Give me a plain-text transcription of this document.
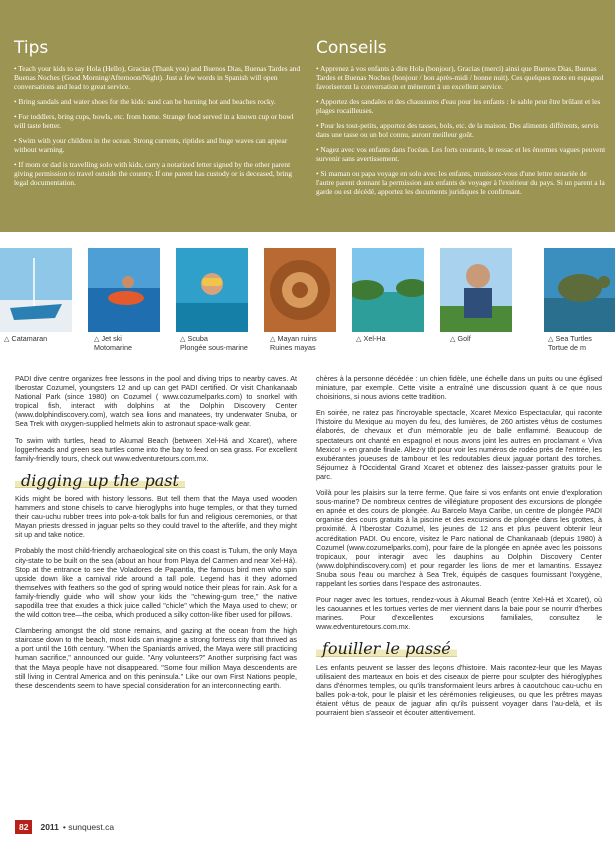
Tips

• Teach your kids to say Hola (Hello), Gracias (Thank you) and Buenos Dias, Buenas Tardes and Buenas Noches (Good Morning/Afternoon/Night). Just a few words in Spanish will open conversations and lead to great service.

• Bring sandals and water shoes for the kids: sand can be burning hot and beaches rocky.

• For toddlers, bring cups, bowls, etc. from home. Strange food served in a known cup or bowl will taste better.

• Swim with your children in the ocean. Strong currents, riptides and huge waves can appear without warning.

• If mom or dad is travelling solo with kids, carry a notarized letter signed by the other parent giving permission to travel outside the country. If one parent has custody or is deceased, bring legal documentation.

Conseils

• Apprenez à vos enfants à dire Hola (bonjour), Gracias (merci) ainsi que Buenos Dias, Buenas Tardes et Buenas Noches (bonjour / bon après-midi / bonne nuit). Ces quelques mots en espagnol favoriseront la conversation et mèneront à un excellent service.

• Apportez des sandales et des chaussures d'eau pour les enfants : le sable peut être brûlant et les plages rocailleuses.

• Pour les tout-petits, apportez des tasses, bols, etc. de la maison. Des aliments différents, servis dans une tasse ou un bol connu, auront meilleur goût.

• Nagez avec vos enfants dans l'océan. Les forts courants, le ressac et les énormes vagues peuvent survenir sans avertissement.

• Si maman ou papa voyage en solo avec les enfants, munissez-vous d'une lettre notariée de l'autre parent donnant la permission aux enfants de voyager à l'extérieur du pays. Si un parent a la garde ou est décédé, apportez les documents juridiques le confirmant.

△ Catamaran	△ Jet ski
Motomarine
△ Scuba
Plongée sous-marine
△ Mayan ruins
Ruines mayas
△ Xel-Ha	△ Golf	△ Sea Turtles
Tortue de m

PADI dive centre organizes free lessons in the pool and diving trips to nearby caves. At Iberostar Cozumel, youngsters 12 and up can get PADI certified. Or visit Chankanaab National Park (since 1980) on Cozumel ( www.cozumelparks.com) to snorkel with tropical fish, interact with dolphins at the Dolphin Discovery Center (www.dolphindiscovery.com), watch sea lions and manatees, try underwater Snuba, or Sea Trek with oxygen-supplied helmets akin to astronaut space-walk gear.

To swim with turtles, head to Akumal Beach (between Xel-Há and Xcaret), where loggerheads and green sea turtles come into the bay to feed on sea grass. For excellent family-friendly tours, check out www.edventuretours.com.mx.

digging up the past

Kids might be bored with history lessons. But tell them that the Maya used wooden hammers and stone chisels to carve hieroglyphs into huge temples, or that they turned their cau-uchu rubber trees into pok-a-tok balls for fun and religious ceremonies, or that Mayan priests dressed in jaguar pelts so they could travel to the afterlife, and they might sit up and take notice.

Probably the most child-friendly archaeological site on this coast is Tulum, the only Maya city-state to be built on the sea (about an hour from Playa del Carmen and near Xel-Há). Stop at the entrance to see the Voladores de Papantla, the famous bird men who spin upside down like a carnival ride around a tall pole. Legend has it they adorned themselves with feathers so the god of spring would notice their pleas for rain. Ask for a family-friendly guide who will show your kids the "chewing-gum tree," the native sapodilla tree that exudes a thick juice called "chicle" which the Maya used to chew; or the wild cotton tree—the ceiba, which produced a silky cotton-like fiber used for pillows.

Clambering amongst the old stone remains, and gazing at the ocean from the high staircase down to the beach, most kids can imagine a strong fortress city that thrived as a port until the 16th century. "When the Spaniards arrived, the Maya were still practicing human sacrifice," announced our guide. "Any volunteers?" Another surprising fact was that the Maya people have not disappeared. "Some four million Maya descendents are still living in Central America and on this peninsula." Like our own First Nations people, these descendents seem to have special consideration for an interconnecting earth.

chères à la personne décédée : un chien fidèle, une échelle dans un puits ou une églised miniature, par exemple. Cette visite a entraîné une discussion quant à ce que nous choisirions, si nous avions cette tradition.

En soirée, ne ratez pas l'incroyable spectacle, Xcaret Mexico Espectacular, qui raconte l'histoire du Mexique au moyen du feu, des lumières, de 260 artistes vêtus de costumes élaborés, de chevaux et d'un mémorable jeu de balle enflammé. Beaucoup de spectateurs ont chanté en espagnol et nous avons joint les autres en proclamant « Viva Mexico! » en grande finale. Allez-y tôt pour voir les numéros de rodéo près de l'entrée, les exubérantes joueuses de tambour et les redoutables dieux jaguar portant des torches. Séjournez à l'Occidental Grand Xcaret et obtenez des laissez-passer gratuits pour le parc.

Voilà pour les plaisirs sur la terre ferme. Que faire si vos enfants ont envie d'exploration sous-marine? De nombreux centres de villégiature proposent des excursions de plongée en apnée et des cours de plongée. Au Barcelo Maya Caribe, un centre de plongée PADI organise des cours gratuits à la piscine et des excursions de plongée dans les grottes, à proximité. À l'Iberostar Cozumel, les jeunes de 12 ans et plus peuvent obtenir leur accréditation PADI. Ou encore, visitez le Parc national de Chankanaab (depuis 1980) à Cozumel (www.cozumelparks.com), pour faire de la plongée en apnée avec les poissons tropicaux, pour interagir avec les dauphins au Dolphin Discovery Center (www.dolphindiscovery.com) et pour regarder les lions de mer et lamantins. Essayez Snuba sous l'eau ou marchez à Sea Trek, équipés de casques fournissant l'oxygène, rappelant les sorties dans l'espace des astronautes.

Pour nager avec les tortues, rendez-vous à Akumal Beach (entre Xel-Há et Xcaret), où les caouannes et les tortues vertes de mer viennent dans la baie pour se nourrir d'herbes marines. Pour d'excellentes excursions familiales, consultez le www.edventuretours.com.mx.

fouiller le passé

Les enfants peuvent se lasser des leçons d'histoire. Mais racontez-leur que les Mayas utilisaient des marteaux en bois et des ciseaux de pierre pour sculpter des hiéroglyphes dans d'énormes temples, ou qu'ils transformaient leurs arbres à caoutchouc cau-uchu en balles pok-a-tok, pour le plaisir et les cérémonies religieuses, ou que les prêtres mayas étaient vêtus de peaux de jaguar afin qu'ils puissent voyager dans l'au-delà, et ils pourraient bien s'asseoir et écouter attentivement.

82 2011 • sunquest.ca
